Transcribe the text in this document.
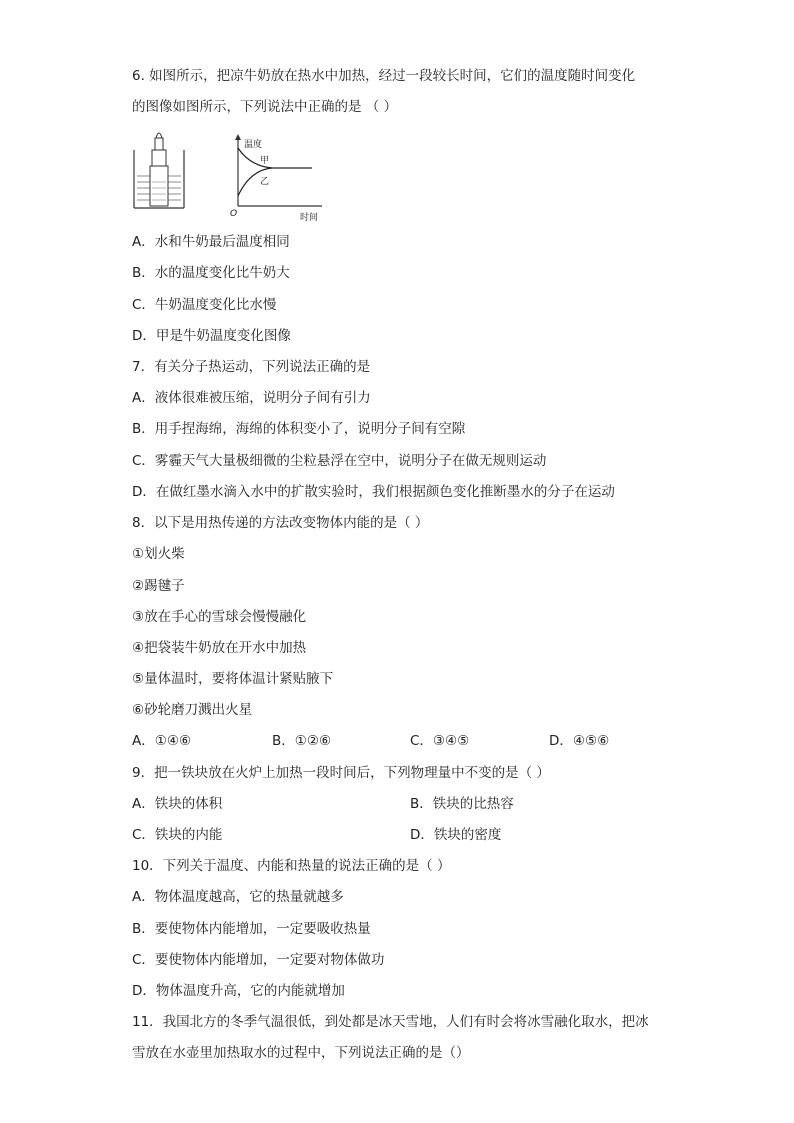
6. 如图所示，把凉牛奶放在热水中加热，经过一段较长时间，它们的温度随时间变化
的图像如图所示，下列说法中正确的是 （ ）
温度
甲
乙
O	时间
A．水和牛奶最后温度相同
B．水的温度变化比牛奶大
C．牛奶温度变化比水慢
D．甲是牛奶温度变化图像
7．有关分子热运动，下列说法正确的是
A．液体很难被压缩，说明分子间有引力
B．用手捏海绵，海绵的体积变小了，说明分子间有空隙
C．雾霾天气大量极细微的尘粒悬浮在空中，说明分子在做无规则运动
D．在做红墨水滴入水中的扩散实验时，我们根据颜色变化推断墨水的分子在运动
8．以下是用热传递的方法改变物体内能的是（ ）
①划火柴
②踢毽子
③放在手心的雪球会慢慢融化
④把袋装牛奶放在开水中加热
⑤量体温时，要将体温计紧贴腋下
⑥砂轮磨刀溅出火星
A．①④⑥	B．①②⑥	C．③④⑤	D．④⑤⑥
9．把一铁块放在火炉上加热一段时间后，下列物理量中不变的是（ ）
A．铁块的体积	B．铁块的比热容
C．铁块的内能	D．铁块的密度
10．下列关于温度、内能和热量的说法正确的是（ ）
A．物体温度越高，它的热量就越多
B．要使物体内能增加，一定要吸收热量
C．要使物体内能增加，一定要对物体做功
D．物体温度升高，它的内能就增加
11．我国北方的冬季气温很低，到处都是冰天雪地，人们有时会将冰雪融化取水，把冰
雪放在水壶里加热取水的过程中，下列说法正确的是（）
